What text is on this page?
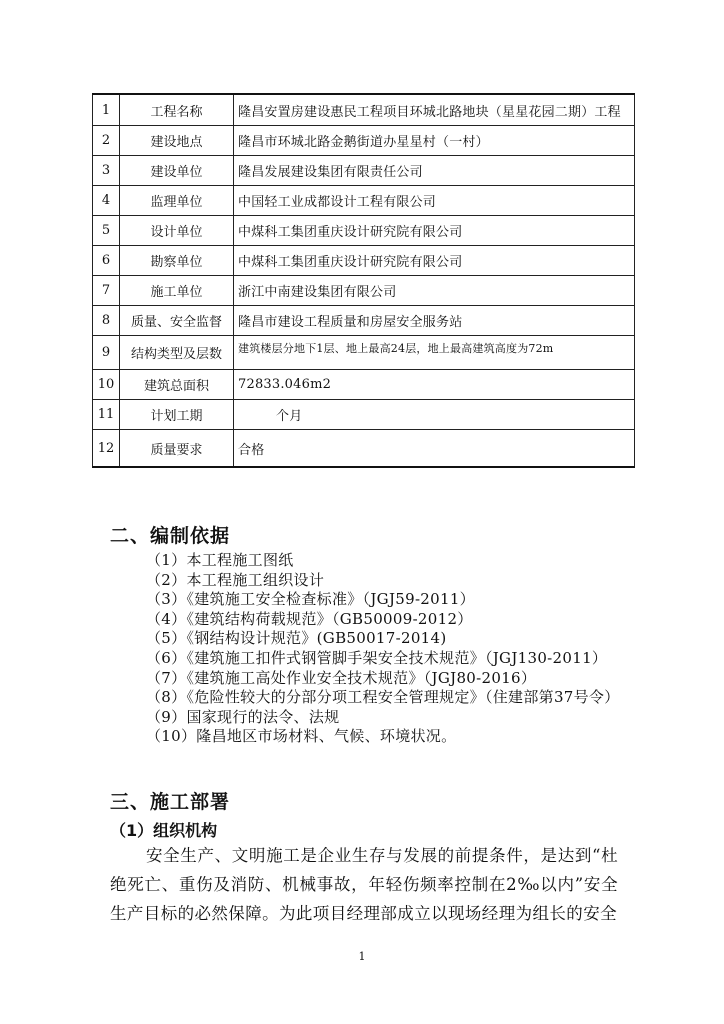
1	工程名称	隆昌安置房建设惠民工程项目环城北路地块（星星花园二期）工程
2	建设地点	隆昌市环城北路金鹅街道办星星村（一村）
3	建设单位	隆昌发展建设集团有限责任公司
4	监理单位	中国轻工业成都设计工程有限公司
5	设计单位	中煤科工集团重庆设计研究院有限公司
6	勘察单位	中煤科工集团重庆设计研究院有限公司
7	施工单位	浙江中南建设集团有限公司
8	质量、安全监督	隆昌市建设工程质量和房屋安全服务站
9	结构类型及层数	建筑楼层分地下1层、地上最高24层，地上最高建筑高度为72m
10	建筑总面积	72833.046m2
11	计划工期	个月
12	质量要求	合格
二、编制依据
（1）本工程施工图纸
（2）本工程施工组织设计
（3）《建筑施工安全检查标准》（JGJ59-2011）
（4）《建筑结构荷载规范》（GB50009-2012）
（5）《钢结构设计规范》(GB50017-2014)
（6）《建筑施工扣件式钢管脚手架安全技术规范》（JGJ130-2011）
（7）《建筑施工高处作业安全技术规范》（JGJ80-2016）
（8）《危险性较大的分部分项工程安全管理规定》（住建部第37号令）
（9）国家现行的法令、法规
（10）隆昌地区市场材料、气候、环境状况。
三、施工部署
（1）组织机构
安全生产、文明施工是企业生存与发展的前提条件，是达到“杜绝死亡、重伤及消防、机械事故，年轻伤频率控制在2‰以内”安全生产目标的必然保障。为此项目经理部成立以现场经理为组长的安全
1
